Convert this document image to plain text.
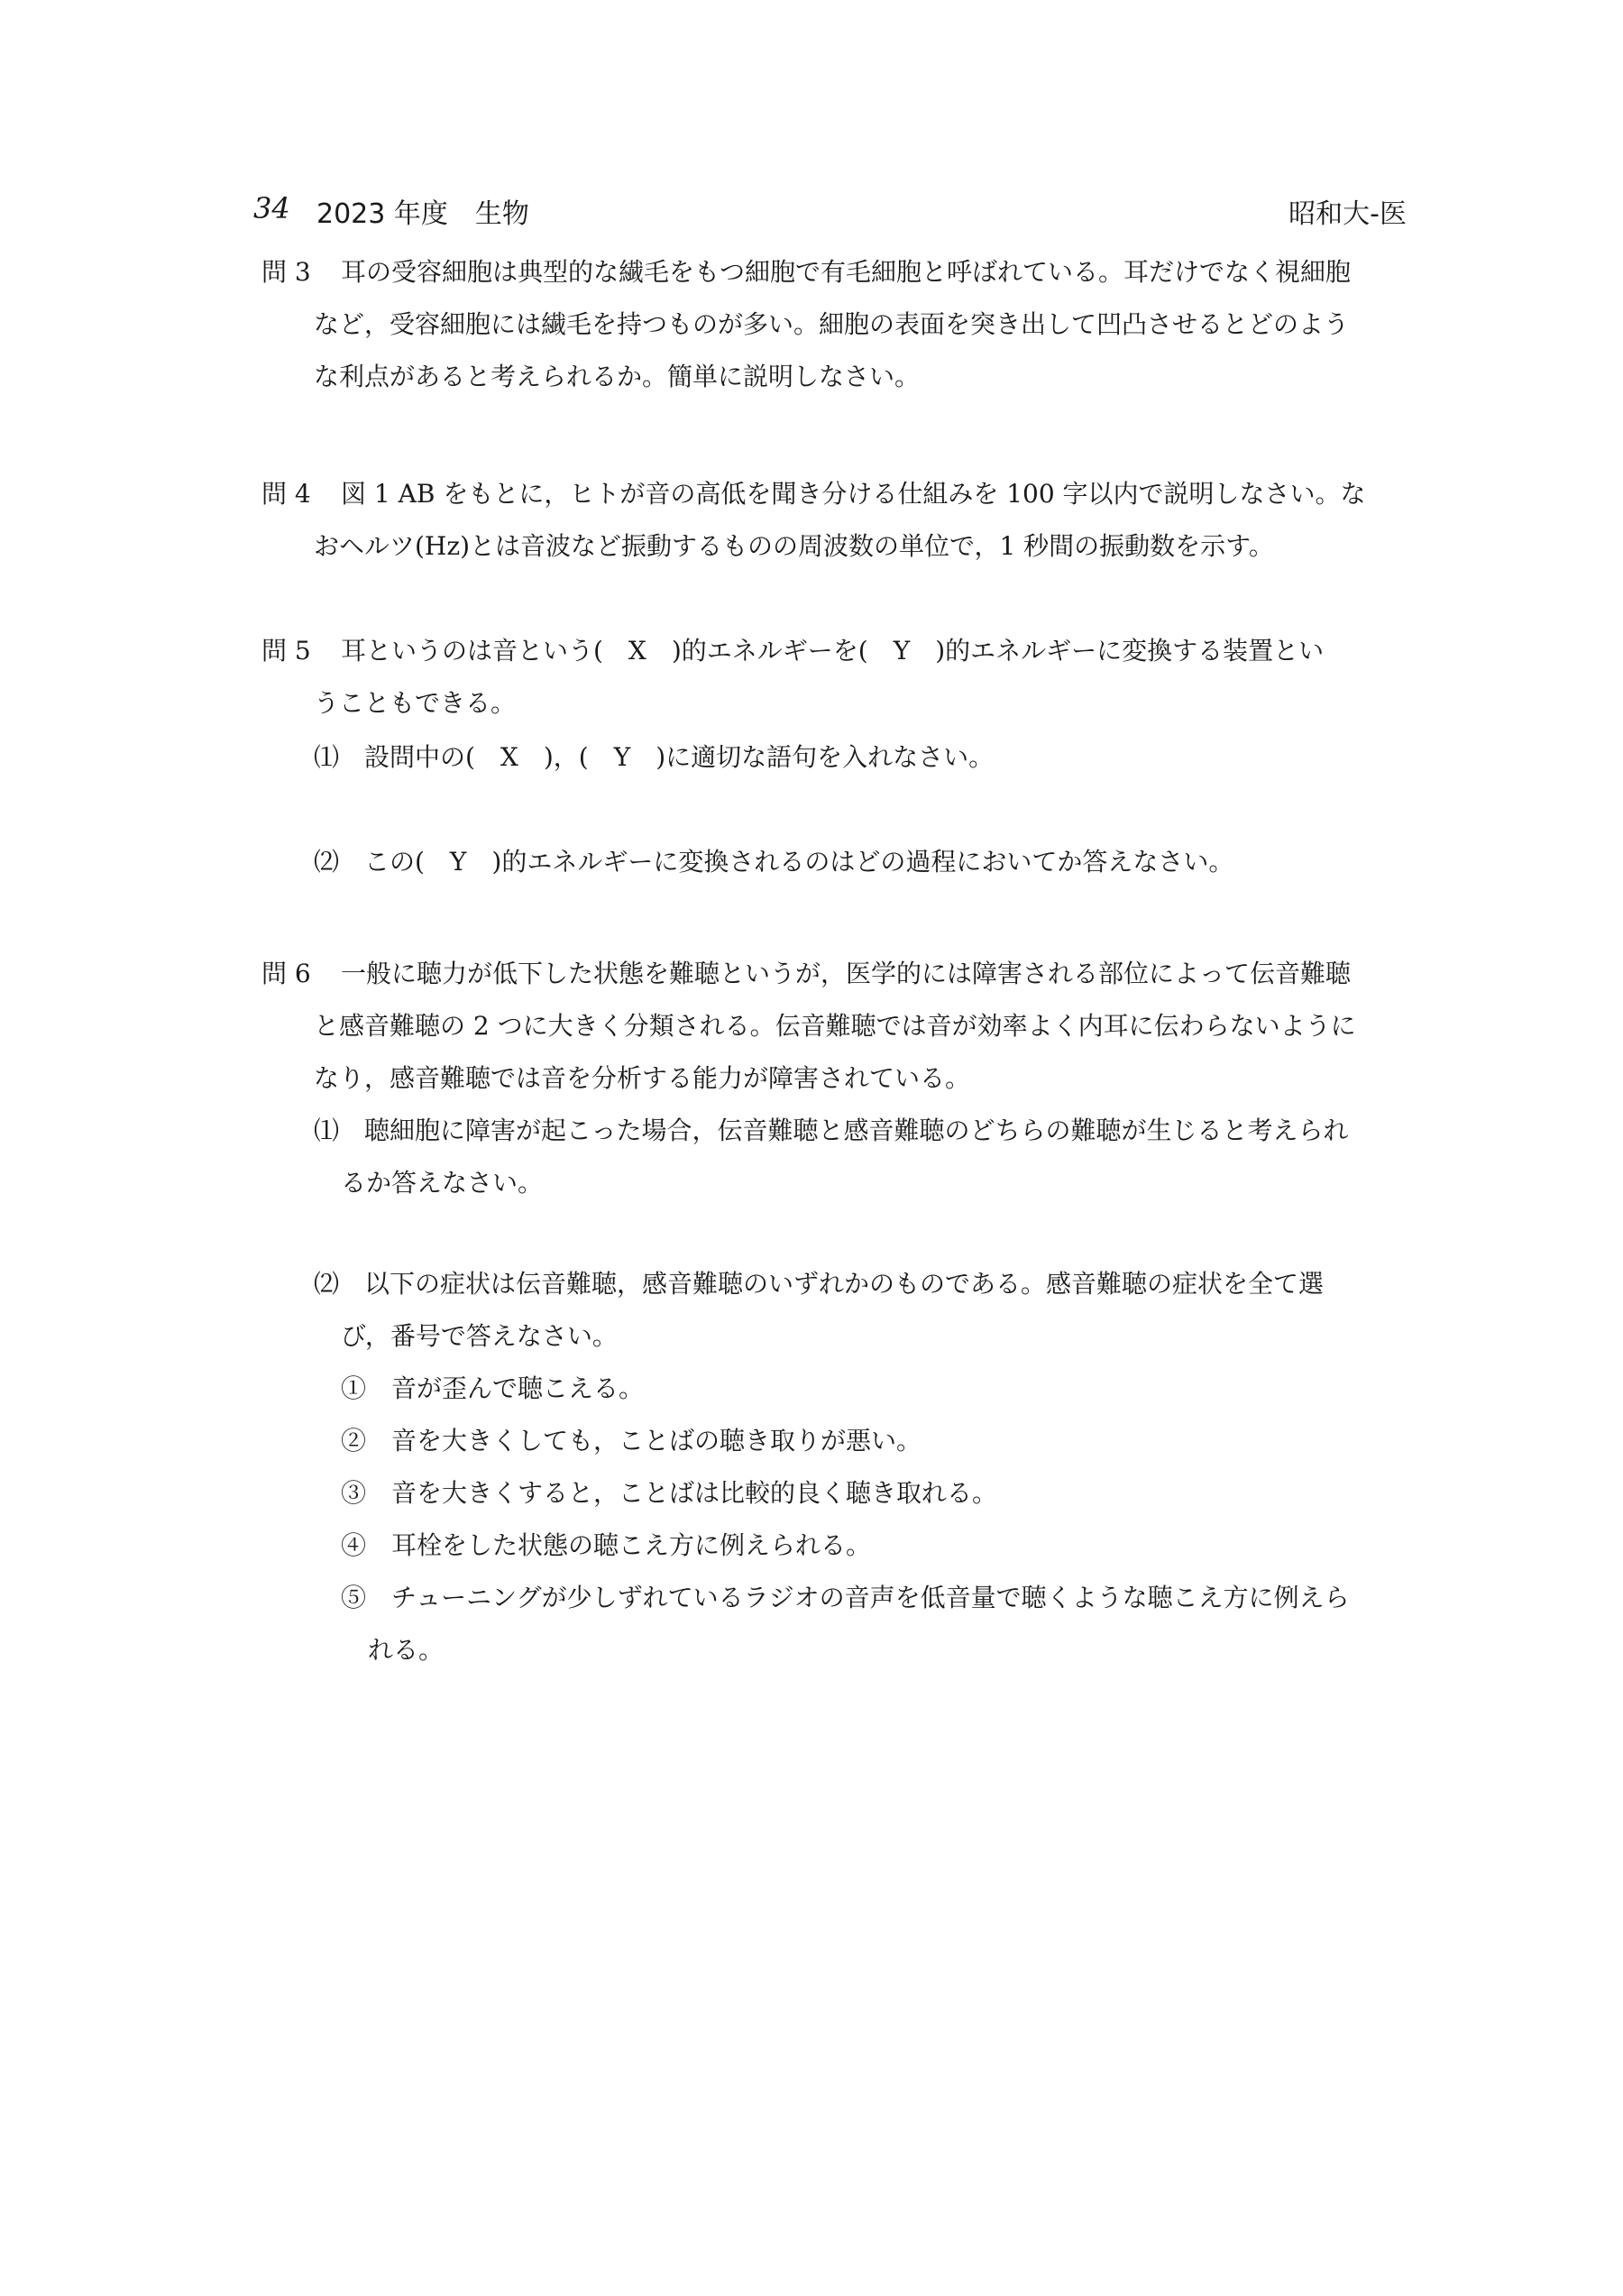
34 2023 年度　生物	昭和大-医
問 3 耳の受容細胞は典型的な繊毛をもつ細胞で有毛細胞と呼ばれている。耳だけでなく視細胞
など，受容細胞には繊毛を持つものが多い。細胞の表面を突き出して凹凸させるとどのよう
な利点があると考えられるか。簡単に説明しなさい。
問 4 図 1 AB をもとに，ヒトが音の高低を聞き分ける仕組みを 100 字以内で説明しなさい。な
おヘルツ(Hz)とは音波など振動するものの周波数の単位で，1 秒間の振動数を示す。
問 5 耳というのは音という(　X　)的エネルギーを(　Y　)的エネルギーに変換する装置とい
うこともできる。
⑴　設問中の(　X　)，(　Y　)に適切な語句を入れなさい。
⑵　この(　Y　)的エネルギーに変換されるのはどの過程においてか答えなさい。
問 6 一般に聴力が低下した状態を難聴というが，医学的には障害される部位によって伝音難聴
と感音難聴の 2 つに大きく分類される。伝音難聴では音が効率よく内耳に伝わらないように
なり，感音難聴では音を分析する能力が障害されている。
⑴　聴細胞に障害が起こった場合，伝音難聴と感音難聴のどちらの難聴が生じると考えられ
るか答えなさい。
⑵　以下の症状は伝音難聴，感音難聴のいずれかのものである。感音難聴の症状を全て選
び，番号で答えなさい。
①　音が歪んで聴こえる。
②　音を大きくしても，ことばの聴き取りが悪い。
③　音を大きくすると，ことばは比較的良く聴き取れる。
④　耳栓をした状態の聴こえ方に例えられる。
⑤　チューニングが少しずれているラジオの音声を低音量で聴くような聴こえ方に例えら
れる。
